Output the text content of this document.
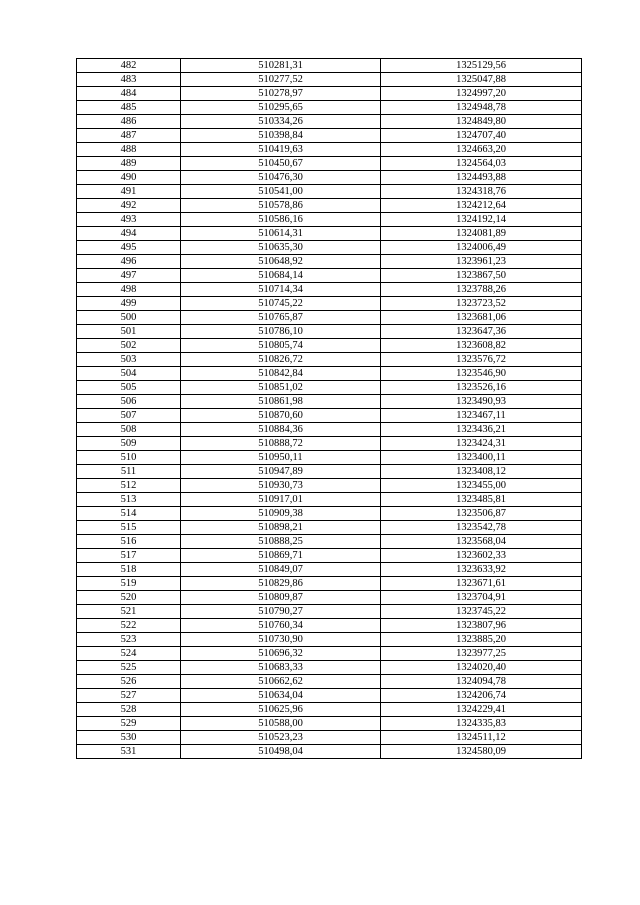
482	510281,31	1325129,56
483	510277,52	1325047,88
484	510278,97	1324997,20
485	510295,65	1324948,78
486	510334,26	1324849,80
487	510398,84	1324707,40
488	510419,63	1324663,20
489	510450,67	1324564,03
490	510476,30	1324493,88
491	510541,00	1324318,76
492	510578,86	1324212,64
493	510586,16	1324192,14
494	510614,31	1324081,89
495	510635,30	1324006,49
496	510648,92	1323961,23
497	510684,14	1323867,50
498	510714,34	1323788,26
499	510745,22	1323723,52
500	510765,87	1323681,06
501	510786,10	1323647,36
502	510805,74	1323608,82
503	510826,72	1323576,72
504	510842,84	1323546,90
505	510851,02	1323526,16
506	510861,98	1323490,93
507	510870,60	1323467,11
508	510884,36	1323436,21
509	510888,72	1323424,31
510	510950,11	1323400,11
511	510947,89	1323408,12
512	510930,73	1323455,00
513	510917,01	1323485,81
514	510909,38	1323506,87
515	510898,21	1323542,78
516	510888,25	1323568,04
517	510869,71	1323602,33
518	510849,07	1323633,92
519	510829,86	1323671,61
520	510809,87	1323704,91
521	510790,27	1323745,22
522	510760,34	1323807,96
523	510730,90	1323885,20
524	510696,32	1323977,25
525	510683,33	1324020,40
526	510662,62	1324094,78
527	510634,04	1324206,74
528	510625,96	1324229,41
529	510588,00	1324335,83
530	510523,23	1324511,12
531	510498,04	1324580,09
